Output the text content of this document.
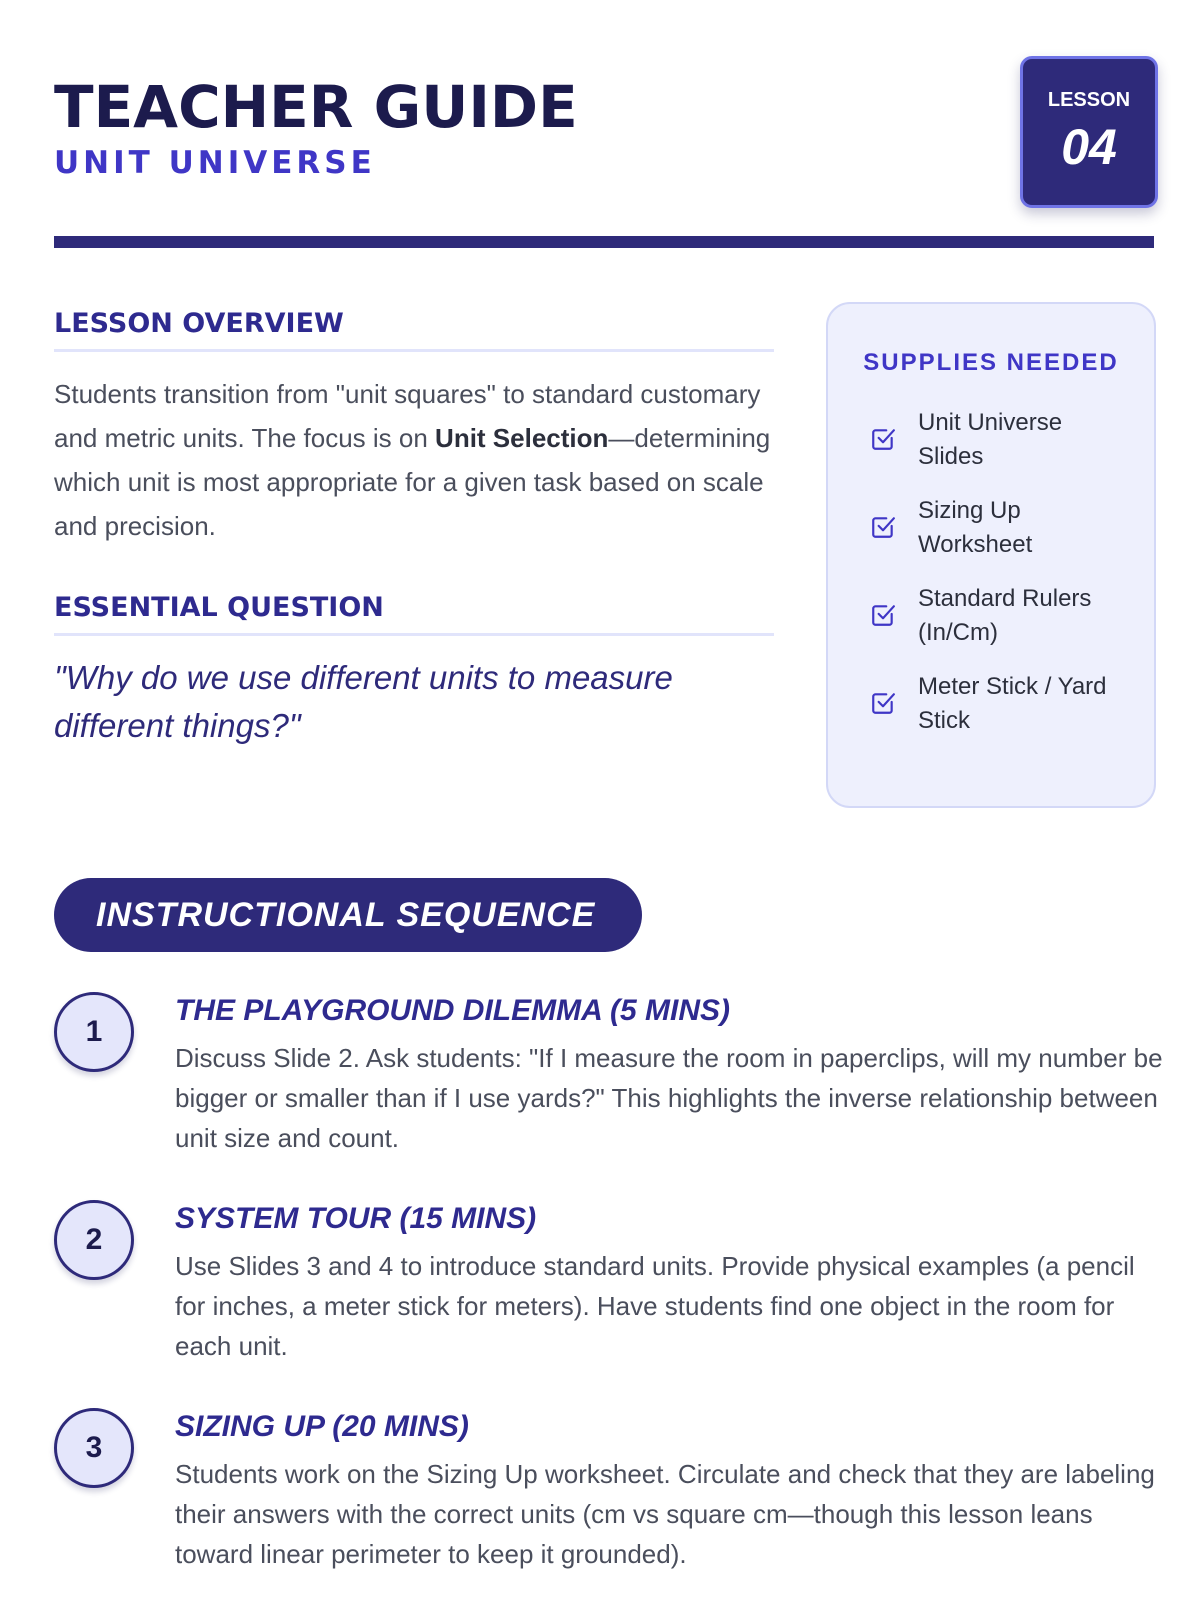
TEACHER GUIDE
UNIT UNIVERSE
LESSON
04
LESSON OVERVIEW
Students transition from "unit squares" to standard customary and metric units. The focus is on Unit Selection—determining which unit is most appropriate for a given task based on scale and precision.
ESSENTIAL QUESTION
"Why do we use different units to measure different things?"
SUPPLIES NEEDED
Unit Universe Slides
Sizing Up Worksheet
Standard Rulers (In/Cm)
Meter Stick / Yard Stick
INSTRUCTIONAL SEQUENCE
1
THE PLAYGROUND DILEMMA (5 MINS)
Discuss Slide 2. Ask students: "If I measure the room in paperclips, will my number be bigger or smaller than if I use yards?" This highlights the inverse relationship between unit size and count.
2
SYSTEM TOUR (15 MINS)
Use Slides 3 and 4 to introduce standard units. Provide physical examples (a pencil for inches, a meter stick for meters). Have students find one object in the room for each unit.
3
SIZING UP (20 MINS)
Students work on the Sizing Up worksheet. Circulate and check that they are labeling their answers with the correct units (cm vs square cm—though this lesson leans toward linear perimeter to keep it grounded).
